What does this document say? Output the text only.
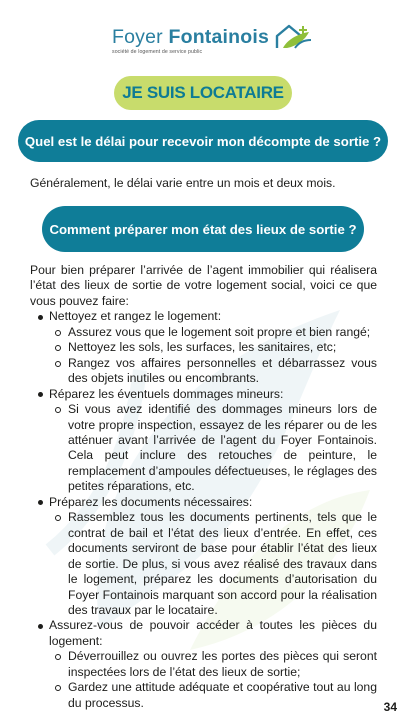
Foyer Fontainois
société de logement de service public
JE SUIS LOCATAIRE
Quel est le délai pour recevoir mon décompte de sortie ?
Généralement, le délai varie entre un mois et deux mois.
Comment préparer mon état des lieux de sortie ?

Pour bien préparer l’arrivée de l’agent immobilier qui réalisera l’état des lieux de sortie de votre logement social, voici ce que vous pouvez faire:

Nettoyez et rangez le logement:
Assurez vous que le logement soit propre et bien rangé;
Nettoyez les sols, les surfaces, les sanitaires, etc;
Rangez vos affaires personnelles et débarrassez vous des objets inutiles ou encombrants.
Réparez les éventuels dommages mineurs:
Si vous avez identifié des dommages mineurs lors de votre propre inspection, essayez de les réparer ou de les atténuer avant l’arrivée de l’agent du Foyer Fontainois. Cela peut inclure des retouches de peinture, le remplacement d’ampoules défectueuses, le réglages des petites réparations, etc.
Préparez les documents nécessaires:
Rassemblez tous les documents pertinents, tels que le contrat de bail et l’état des lieux d’entrée. En effet, ces documents serviront de base pour établir l’état des lieux de sortie. De plus, si vous avez réalisé des travaux dans le logement, préparez les documents d’autorisation du Foyer Fontainois marquant son accord pour la réalisation des travaux par le locataire.
Assurez-vous de pouvoir accéder à toutes les pièces du logement:
Déverrouillez ou ouvrez les portes des pièces qui seront inspectées lors de l’état des lieux de sortie;
Gardez une attitude adéquate et coopérative tout au long du processus.	34
